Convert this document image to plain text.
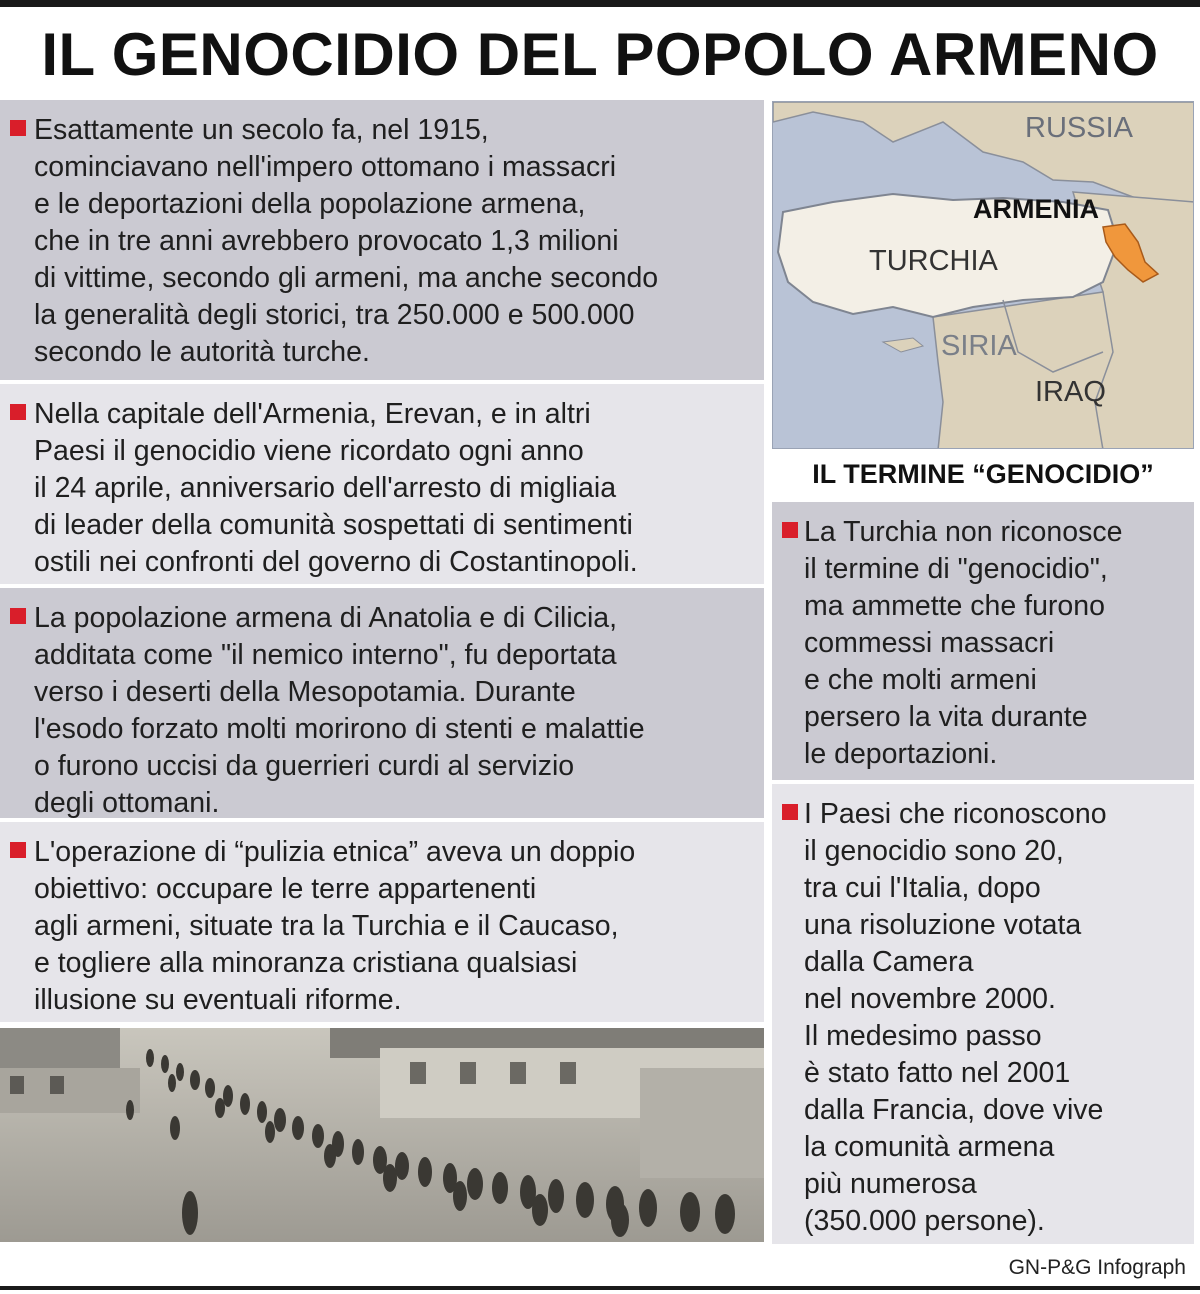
IL GENOCIDIO DEL POPOLO ARMENO

Esattamente un secolo fa, nel 1915,
cominciavano nell'impero ottomano i massacri
e le deportazioni della popolazione armena,
che in tre anni avrebbero provocato 1,3 milioni
di vittime, secondo gli armeni, ma anche secondo
la generalità degli storici, tra 250.000 e 500.000
secondo le autorità turche.

Nella capitale dell'Armenia, Erevan, e in altri
Paesi il genocidio viene ricordato ogni anno
il 24 aprile, anniversario dell'arresto di migliaia
di leader della comunità sospettati di sentimenti
ostili nei confronti del governo di Costantinopoli.

La popolazione armena di Anatolia e di Cilicia,
additata come "il nemico interno", fu deportata
verso i deserti della Mesopotamia. Durante
l'esodo forzato molti morirono di stenti e malattie
o furono uccisi da guerrieri curdi al servizio
degli ottomani.

L'operazione di “pulizia etnica” aveva un doppio
obiettivo: occupare le terre appartenenti
agli armeni, situate tra la Turchia e il Caucaso,
e togliere alla minoranza cristiana qualsiasi
illusione su eventuali riforme.

RUSSIA
ARMENIA
TURCHIA
SIRIA
IRAQ
IL TERMINE “GENOCIDIO”

La Turchia non riconosce
il termine di "genocidio",
ma ammette che furono
commessi massacri
e che molti armeni
persero la vita durante
le deportazioni.

I Paesi che riconoscono
il genocidio sono 20,
tra cui l'Italia, dopo
una risoluzione votata
dalla Camera
nel novembre 2000.
Il medesimo passo
è stato fatto nel 2001
dalla Francia, dove vive
la comunità armena
più numerosa
(350.000 persone).

GN-P&G Infograph
